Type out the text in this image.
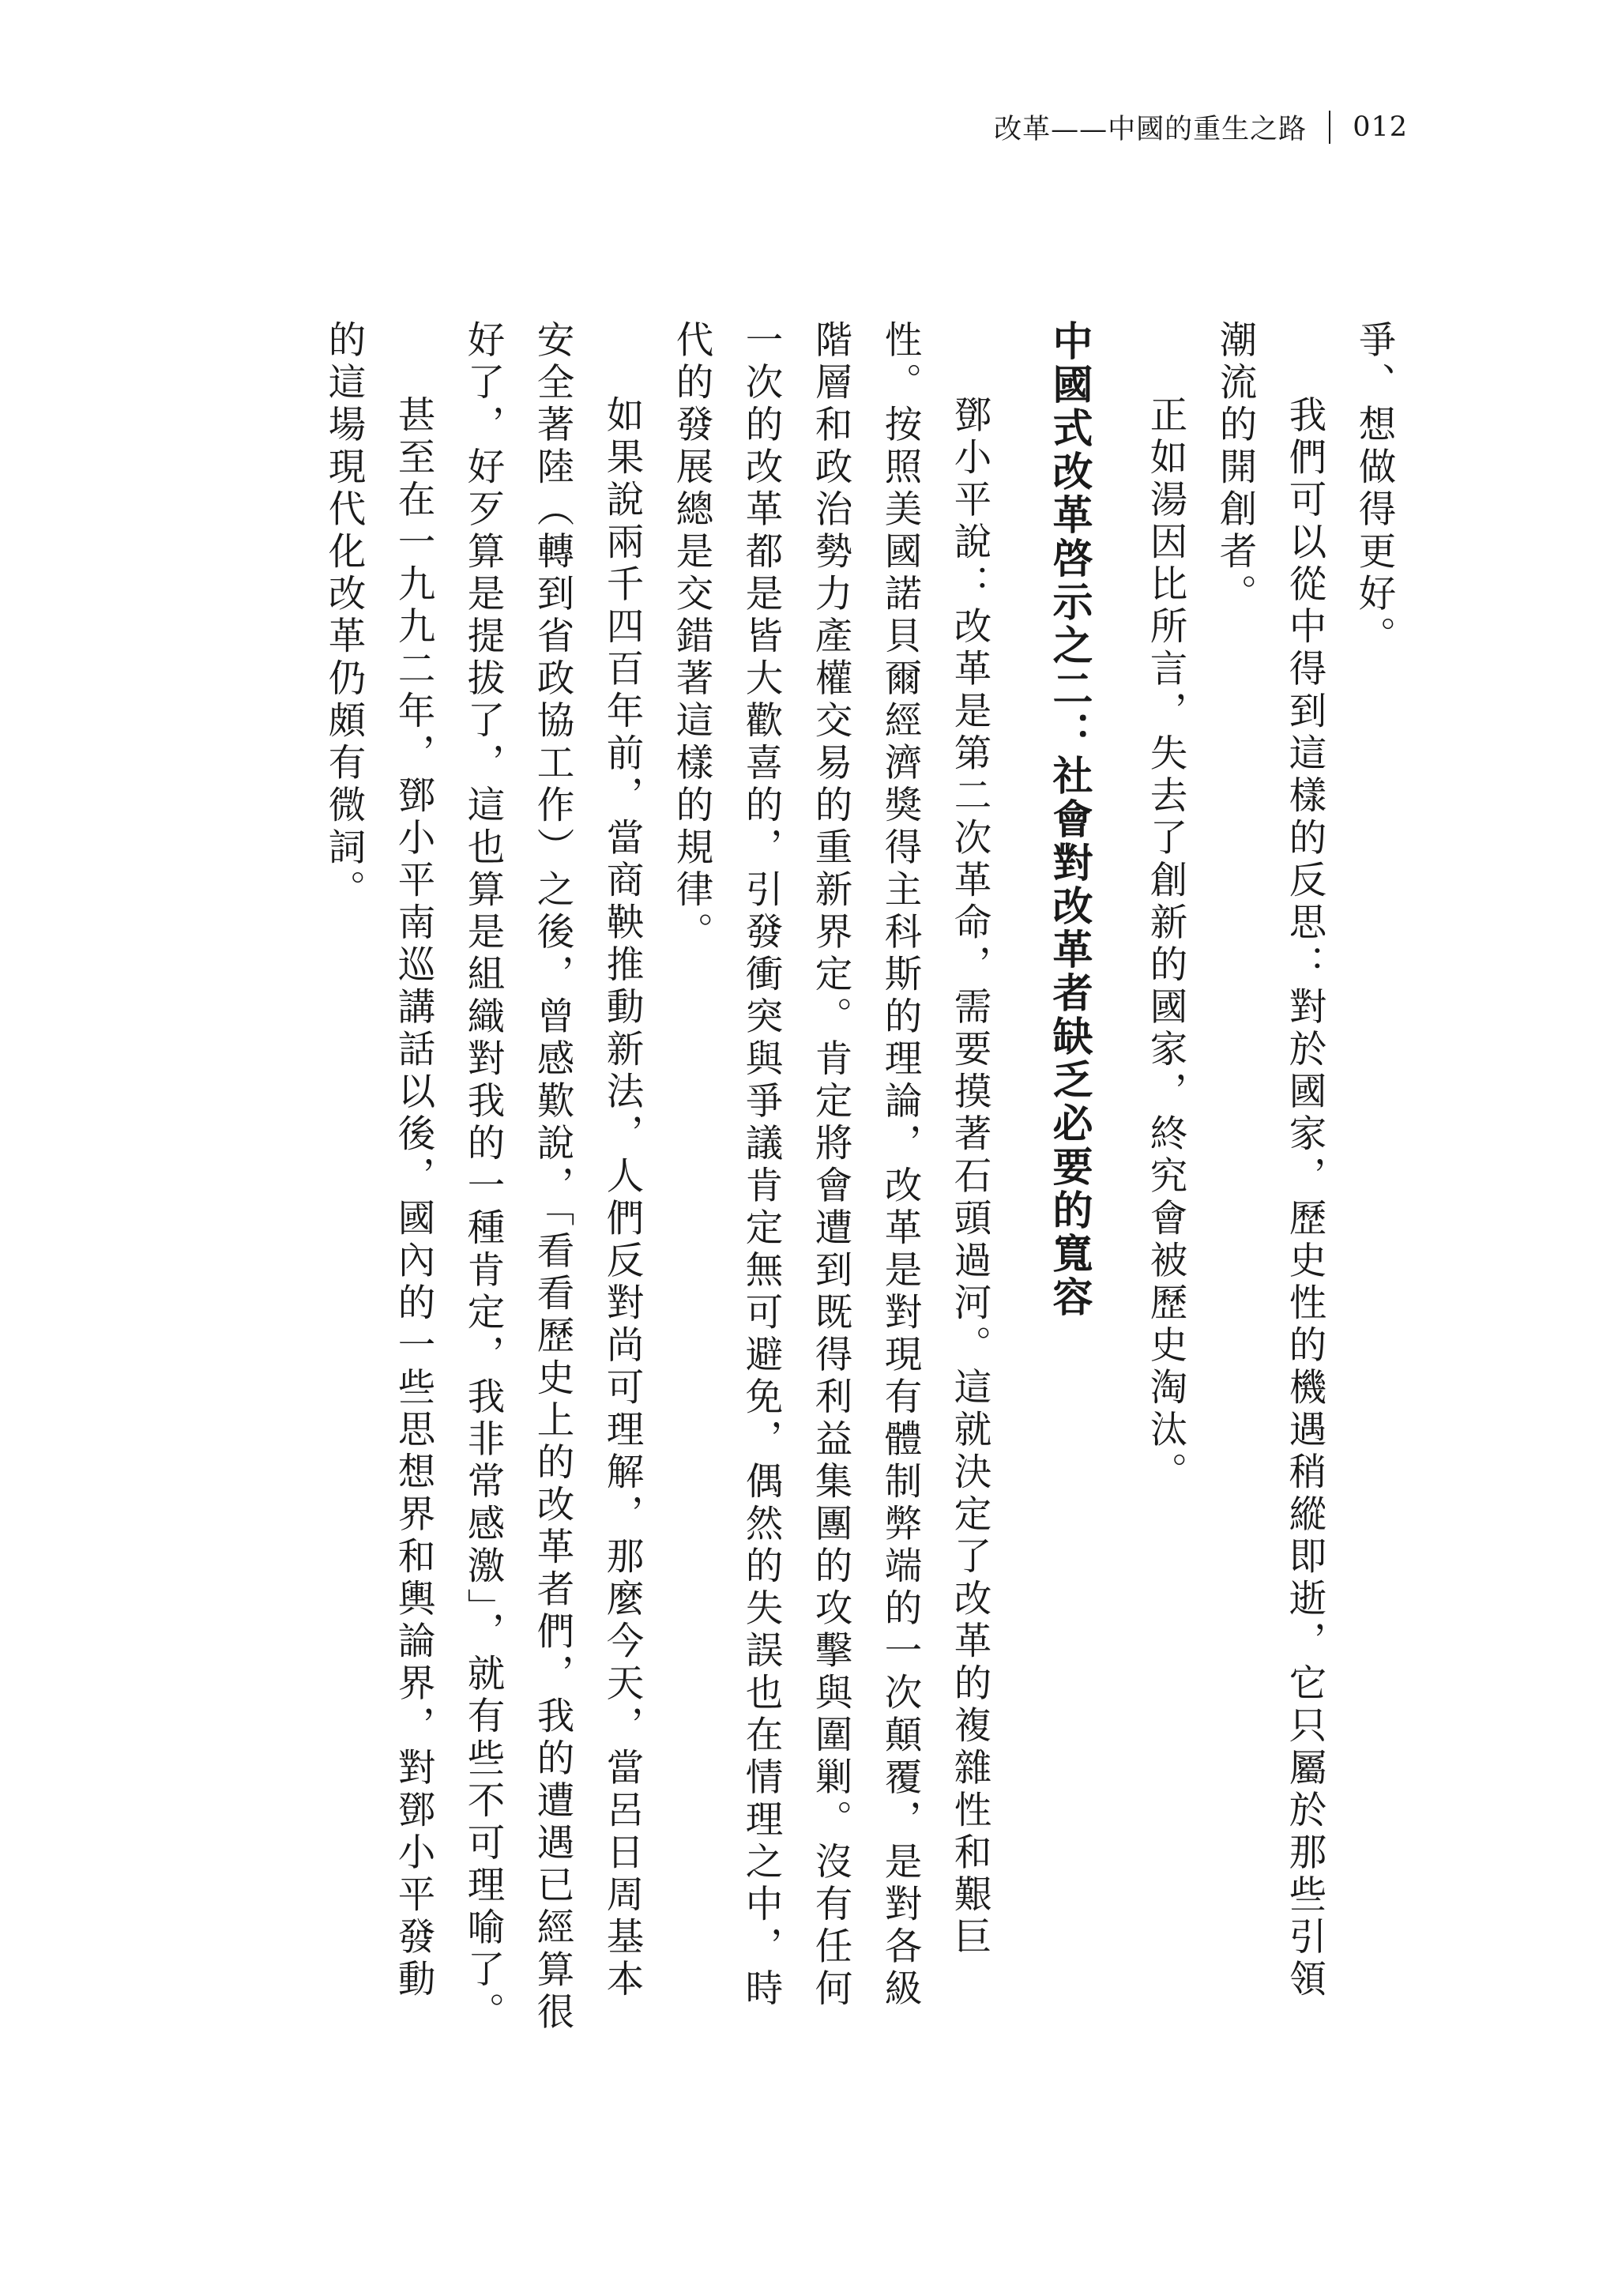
改革——中國的重生之路 012

爭、想做得更好。

我們可以從中得到這樣的反思：對於國家，歷史性的機遇稍縱即逝，它只屬於那些引領潮流的開創者。

正如湯因比所言，失去了創新的國家，終究會被歷史淘汰。

中國式改革啓示之二：社會對改革者缺乏必要的寬容

鄧小平說：改革是第二次革命，需要摸著石頭過河。這就決定了改革的複雜性和艱巨性。按照美國諾貝爾經濟獎得主科斯的理論，改革是對現有體制弊端的一次顛覆，是對各級階層和政治勢力產權交易的重新界定。肯定將會遭到既得利益集團的攻擊與圍剿。沒有任何一次的改革都是皆大歡喜的，引發衝突與爭議肯定無可避免，偶然的失誤也在情理之中，時代的發展總是交錯著這樣的規律。

如果說兩千四百年前，當商鞅推動新法，人們反對尚可理解，那麼今天，當呂日周基本安全著陸（轉到省政協工作）之後，曾感歎說，「看看歷史上的改革者們，我的遭遇已經算很好了，好歹算是提拔了，這也算是組織對我的一種肯定，我非常感激」，就有些不可理喻了。

甚至在一九九二年，鄧小平南巡講話以後，國內的一些思想界和輿論界，對鄧小平發動的這場現代化改革仍頗有微詞。
